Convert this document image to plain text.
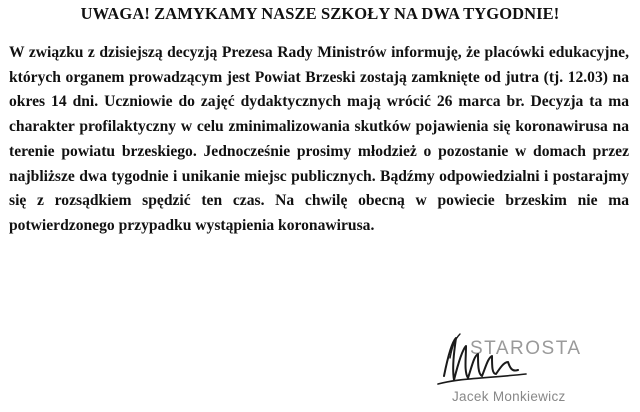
UWAGA! ZAMYKAMY NASZE SZKOŁY NA DWA TYGODNIE!

W związku z dzisiejszą decyzją Prezesa Rady Ministrów informuję, że placówki edukacyjne, których organem prowadzącym jest Powiat Brzeski zostają zamknięte od jutra (tj. 12.03) na okres 14 dni. Uczniowie do zajęć dydaktycznych mają wrócić 26 marca br. Decyzja ta ma charakter profilaktyczny w celu zminimalizowania skutków pojawienia się koronawirusa na terenie powiatu brzeskiego. Jednocześnie prosimy młodzież o pozostanie w domach przez najbliższe dwa tygodnie i unikanie miejsc publicznych. Bądźmy odpowiedzialni i postarajmy się z rozsądkiem spędzić ten czas. Na chwilę obecną w powiecie brzeskim nie ma potwierdzonego przypadku wystąpienia koronawirusa.

STAROSTA

Jacek Monkiewicz
